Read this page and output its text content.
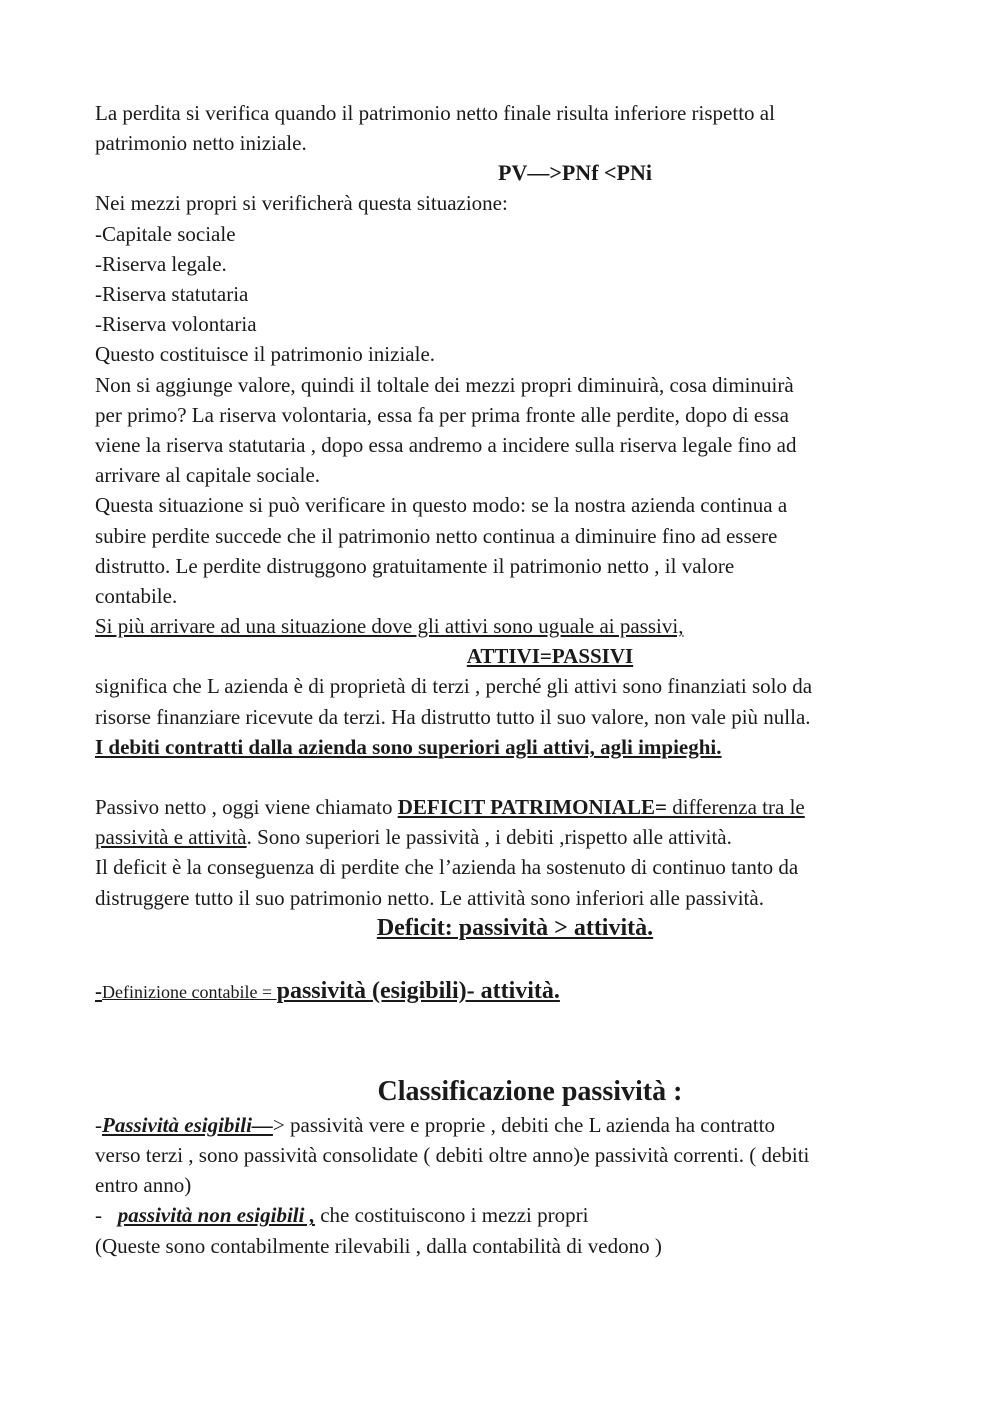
La perdita si verifica quando il patrimonio netto finale risulta inferiore rispetto al
patrimonio netto iniziale.
PV—>PNf <PNi
Nei mezzi propri si verificherà questa situazione:
-Capitale sociale
-Riserva legale.
-Riserva statutaria
-Riserva volontaria
Questo costituisce il patrimonio iniziale.
Non si aggiunge valore, quindi il toltale dei mezzi propri diminuirà, cosa diminuirà
per primo? La riserva volontaria, essa fa per prima fronte alle perdite, dopo di essa
viene la riserva statutaria , dopo essa andremo a incidere sulla riserva legale fino ad
arrivare al capitale sociale.
Questa situazione si può verificare in questo modo: se la nostra azienda continua a
subire perdite succede che il patrimonio netto continua a diminuire fino ad essere
distrutto. Le perdite distruggono gratuitamente il patrimonio netto , il valore
contabile.
Si più arrivare ad una situazione dove gli attivi sono uguale ai passivi,
ATTIVI=PASSIVI
significa che L azienda è di proprietà di terzi , perché gli attivi sono finanziati solo da
risorse finanziare ricevute da terzi. Ha distrutto tutto il suo valore, non vale più nulla.
I debiti contratti dalla azienda sono superiori agli attivi, agli impieghi.
Passivo netto , oggi viene chiamato DEFICIT PATRIMONIALE= differenza tra le
passività e attività. Sono superiori le passività , i debiti ,rispetto alle attività.
Il deficit è la conseguenza di perdite che l’azienda ha sostenuto di continuo tanto da
distruggere tutto il suo patrimonio netto. Le attività sono inferiori alle passività.
Deficit: passività > attività.
-Definizione contabile = passività (esigibili)- attività.
Classificazione passività :
-Passività esigibili—> passività vere e proprie , debiti che L azienda ha contratto
verso terzi , sono passività consolidate ( debiti oltre anno)e passività correnti. ( debiti
entro anno)
-   passività non esigibili , che costituiscono i mezzi propri
(Queste sono contabilmente rilevabili , dalla contabilità di vedono )
